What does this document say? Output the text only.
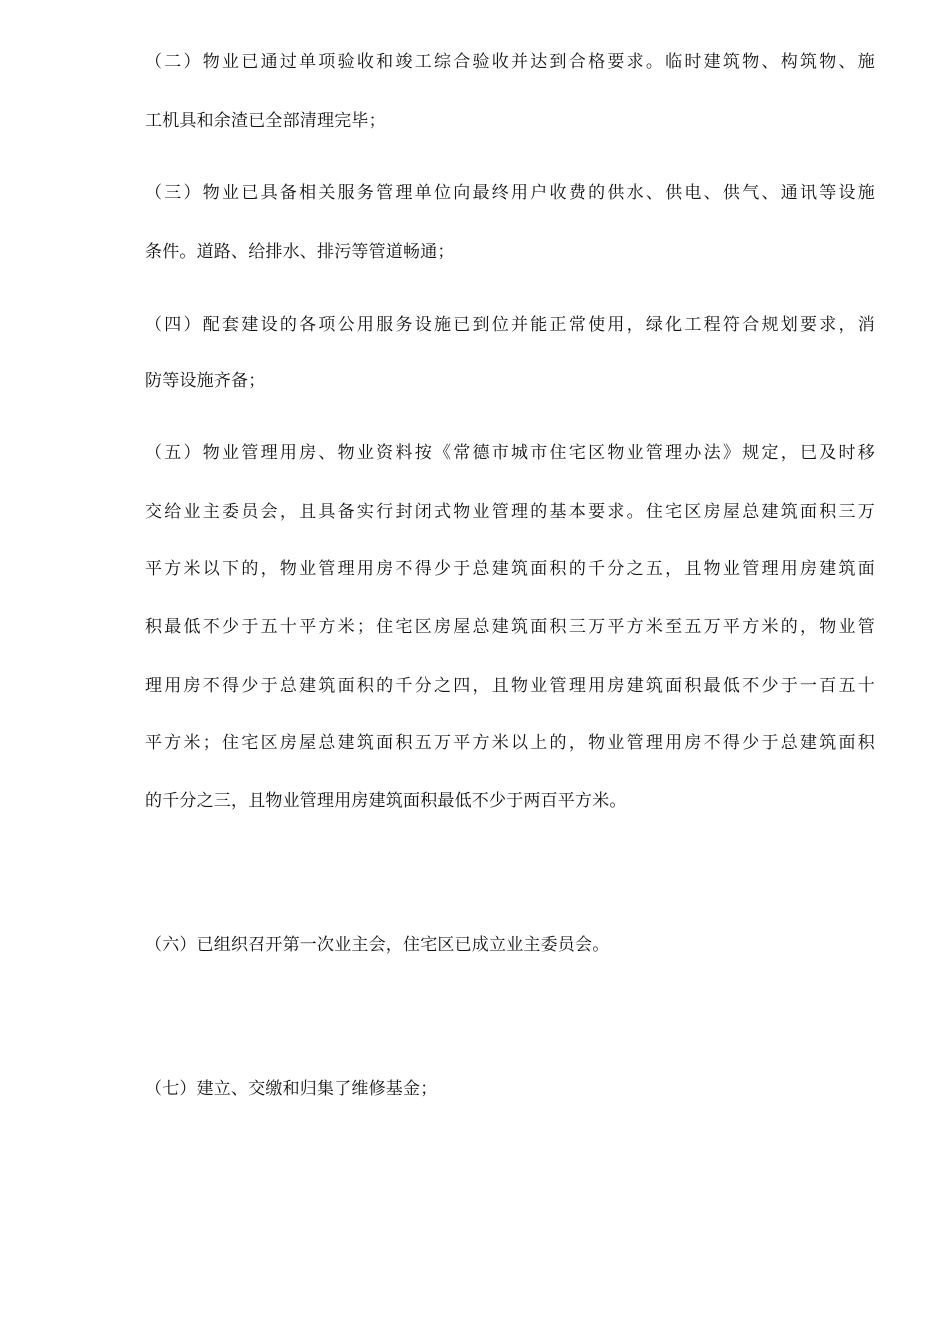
（二）物业已通过单项验收和竣工综合验收并达到合格要求。临时建筑物、构筑物、施
工机具和余渣已全部清理完毕；
（三）物业已具备相关服务管理单位向最终用户收费的供水、供电、供气、通讯等设施
条件。道路、给排水、排污等管道畅通；
（四）配套建设的各项公用服务设施已到位并能正常使用，绿化工程符合规划要求，消
防等设施齐备；
（五）物业管理用房、物业资料按《常德市城市住宅区物业管理办法》规定，巳及时移
交给业主委员会，且具备实行封闭式物业管理的基本要求。住宅区房屋总建筑面积三万
平方米以下的，物业管理用房不得少于总建筑面积的千分之五，且物业管理用房建筑面
积最低不少于五十平方米；住宅区房屋总建筑面积三万平方米至五万平方米的，物业管
理用房不得少于总建筑面积的千分之四，且物业管理用房建筑面积最低不少于一百五十
平方米；住宅区房屋总建筑面积五万平方米以上的，物业管理用房不得少于总建筑面积
的千分之三，且物业管理用房建筑面积最低不少于两百平方米。
（六）已组织召开第一次业主会，住宅区已成立业主委员会。
（七）建立、交缴和归集了维修基金；
